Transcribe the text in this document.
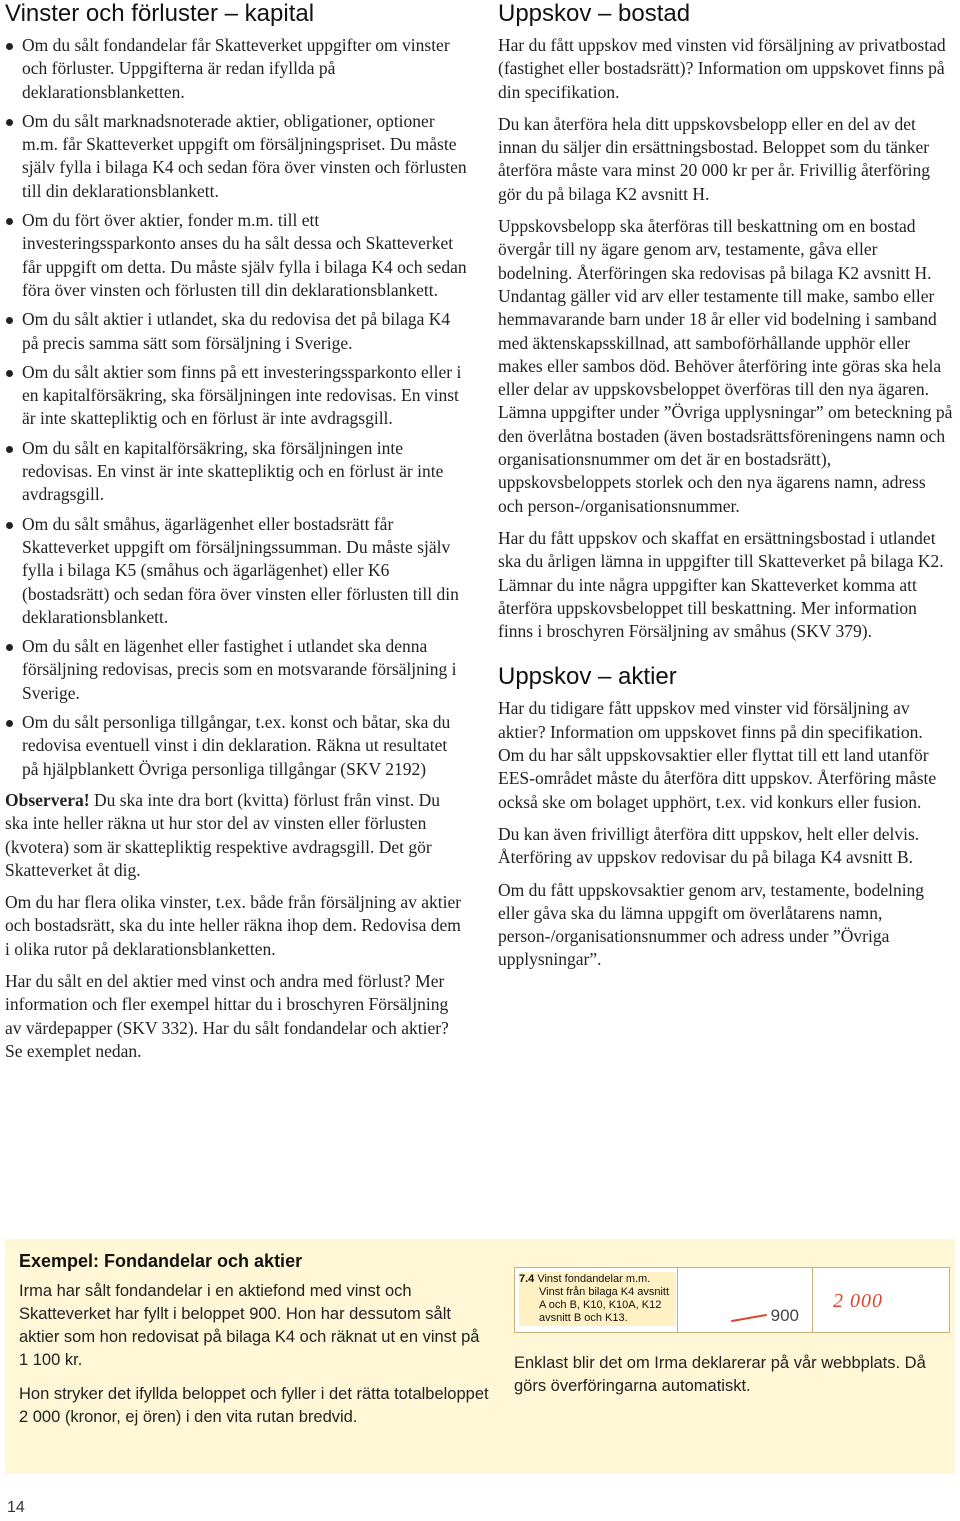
Vinster och förluster – kapital
Om du sålt fondandelar får Skatteverket uppgifter om vinster och förluster. Uppgifterna är redan ifyllda på deklarationsblanketten.
Om du sålt marknadsnoterade aktier, obligationer, optioner m.m. får Skatteverket uppgift om försäljningspriset. Du måste själv fylla i bilaga K4 och sedan föra över vinsten och förlusten till din deklarationsblankett.
Om du fört över aktier, fonder m.m. till ett investeringssparkonto anses du ha sålt dessa och Skatteverket får uppgift om detta. Du måste själv fylla i bilaga K4 och sedan föra över vinsten och förlusten till din deklarationsblankett.
Om du sålt aktier i utlandet, ska du redovisa det på bilaga K4 på precis samma sätt som försäljning i Sverige.
Om du sålt aktier som finns på ett investeringssparkonto eller i en kapitalförsäkring, ska försäljningen inte redovisas. En vinst är inte skattepliktig och en förlust är inte avdragsgill.
Om du sålt en kapitalförsäkring, ska försäljningen inte redovisas. En vinst är inte skattepliktig och en förlust är inte avdragsgill.
Om du sålt småhus, ägarlägenhet eller bostadsrätt får Skatteverket uppgift om försäljningssumman. Du måste själv fylla i bilaga K5 (småhus och ägarlägenhet) eller K6 (bostadsrätt) och sedan föra över vinsten eller förlusten till din deklarationsblankett.
Om du sålt en lägenhet eller fastighet i utlandet ska denna försäljning redovisas, precis som en motsvarande försäljning i Sverige.
Om du sålt personliga tillgångar, t.ex. konst och båtar, ska du redovisa eventuell vinst i din deklaration. Räkna ut resultatet på hjälpblankett Övriga personliga tillgångar (SKV 2192)

Observera! Du ska inte dra bort (kvitta) förlust från vinst. Du ska inte heller räkna ut hur stor del av vinsten eller förlusten (kvotera) som är skattepliktig respektive avdragsgill. Det gör Skatteverket åt dig.

Om du har flera olika vinster, t.ex. både från försäljning av aktier och bostadsrätt, ska du inte heller räkna ihop dem. Redovisa dem i olika rutor på deklarationsblanketten.

Har du sålt en del aktier med vinst och andra med förlust? Mer information och fler exempel hittar du i broschyren Försäljning av värdepapper (SKV 332). Har du sålt fondandelar och aktier? Se exemplet nedan.

Uppskov – bostad

Har du fått uppskov med vinsten vid försäljning av privatbostad (fastighet eller bostadsrätt)? Information om uppskovet finns på din specifikation.

Du kan återföra hela ditt uppskovsbelopp eller en del av det innan du säljer din ersättningsbostad. Beloppet som du tänker återföra måste vara minst 20 000 kr per år. Frivillig återföring gör du på bilaga K2 avsnitt H.

Uppskovsbelopp ska återföras till beskattning om en bostad övergår till ny ägare genom arv, testamente, gåva eller bodelning. Återföringen ska redovisas på bilaga K2 avsnitt H. Undantag gäller vid arv eller testamente till make, sambo eller hemmavarande barn under 18 år eller vid bodelning i samband med äktenskapsskillnad, att samboförhållande upphör eller makes eller sambos död. Behöver återföring inte göras ska hela eller delar av uppskovsbeloppet överföras till den nya ägaren. Lämna uppgifter under ”Övriga upplysningar” om beteckning på den överlåtna bostaden (även bostadsrättsföreningens namn och organisationsnummer om det är en bostadsrätt), uppskovsbeloppets storlek och den nya ägarens namn, adress och person-/organisationsnummer.

Har du fått uppskov och skaffat en ersättningsbostad i utlandet ska du årligen lämna in uppgifter till Skatteverket på bilaga K2. Lämnar du inte några uppgifter kan Skatteverket komma att återföra uppskovsbeloppet till beskattning. Mer information finns i broschyren Försäljning av småhus (SKV 379).

Uppskov – aktier

Har du tidigare fått uppskov med vinster vid försäljning av aktier? Information om uppskovet finns på din specifikation. Om du har sålt uppskovsaktier eller flyttat till ett land utanför EES-området måste du återföra ditt uppskov. Återföring måste också ske om bolaget upphört, t.ex. vid konkurs eller fusion.

Du kan även frivilligt återföra ditt uppskov, helt eller delvis. Återföring av uppskov redovisar du på bilaga K4 avsnitt B.

Om du fått uppskovsaktier genom arv, testamente, bodelning eller gåva ska du lämna uppgift om överlåtarens namn, person-/organisationsnummer och adress under ”Övriga upplysningar”.

Exempel: Fondandelar och aktier

Irma har sålt fondandelar i en aktiefond med vinst och Skatteverket har fyllt i beloppet 900. Hon har dessutom sålt aktier som hon redovisat på bilaga K4 och räknat ut en vinst på 1 100 kr.

Hon stryker det ifyllda beloppet och fyller i det rätta totalbeloppet 2 000 (kronor, ej ören) i den vita rutan bredvid.

7.4 Vinst fondandelar m.m.
Vinst från bilaga K4 avsnitt A och B, K10, K10A, K12 avsnitt B och K13.	900
2 000

Enklast blir det om Irma deklarerar på vår webbplats. Då görs överföringarna automatiskt.

14
